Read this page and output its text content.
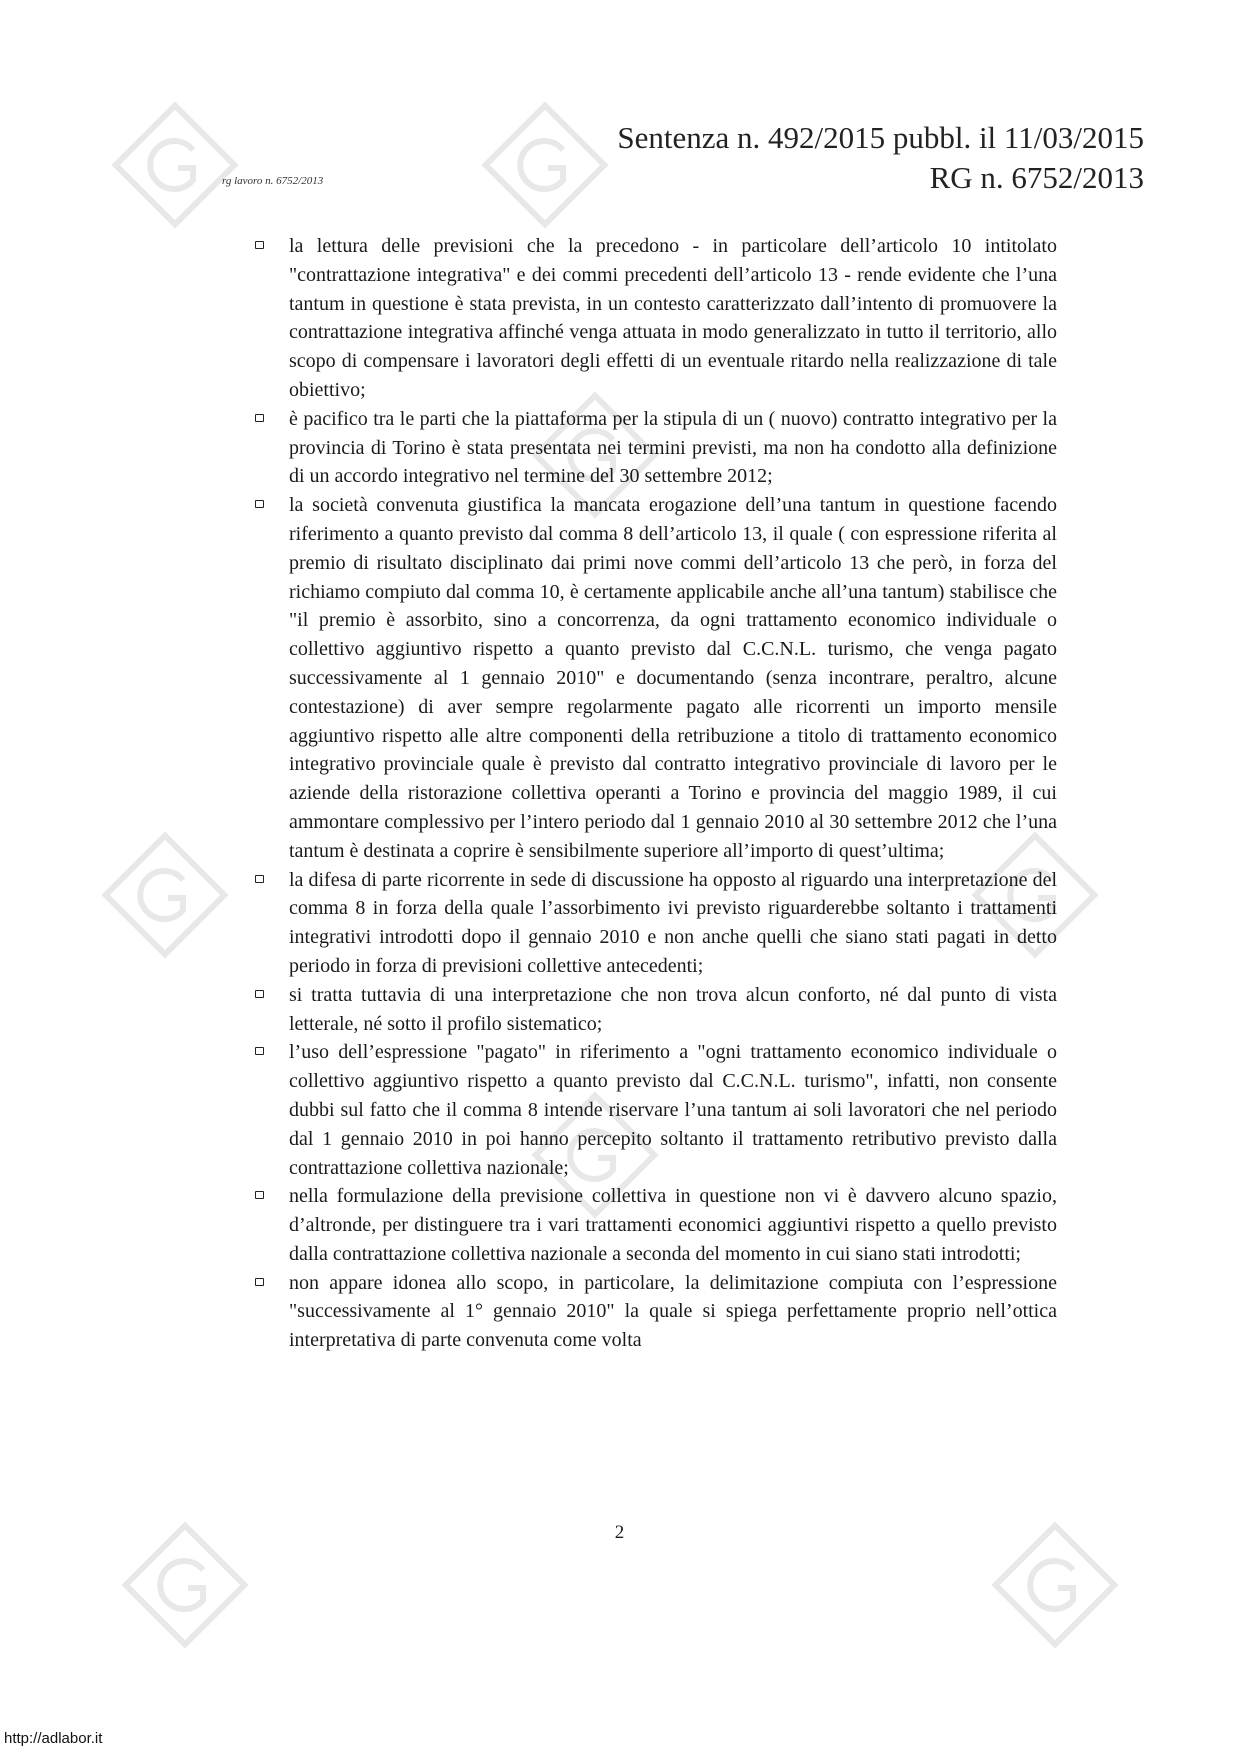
Sentenza n. 492/2015 pubbl. il 11/03/2015
RG n. 6752/2013
rg lavoro n. 6752/2013
la lettura delle previsioni che la precedono - in particolare dell’articolo 10 intitolato "contrattazione integrativa" e dei commi precedenti dell’articolo 13 - rende evidente che l’una tantum in questione è stata prevista, in un contesto caratterizzato dall’intento di promuovere la contrattazione integrativa affinché venga attuata in modo generalizzato in tutto il territorio, allo scopo di compensare i lavoratori degli effetti di un eventuale ritardo nella realizzazione di tale obiettivo;
è pacifico tra le parti che la piattaforma per la stipula di un ( nuovo) contratto integrativo per la provincia di Torino è stata presentata nei termini previsti, ma non ha condotto alla definizione di un accordo integrativo nel termine del 30 settembre 2012;
la società convenuta giustifica la mancata erogazione dell’una tantum in questione facendo riferimento a quanto previsto dal comma 8 dell’articolo 13, il quale ( con espressione riferita al premio di risultato disciplinato dai primi nove commi dell’articolo 13 che però, in forza del richiamo compiuto dal comma 10, è certamente applicabile anche all’una tantum) stabilisce che "il premio è assorbito, sino a concorrenza, da ogni trattamento economico individuale o collettivo aggiuntivo rispetto a quanto previsto dal C.C.N.L. turismo, che venga pagato successivamente al 1 gennaio 2010" e documentando (senza incontrare, peraltro, alcune contestazione) di aver sempre regolarmente pagato alle ricorrenti un importo mensile aggiuntivo rispetto alle altre componenti della retribuzione a titolo di trattamento economico integrativo provinciale quale è previsto dal contratto integrativo provinciale di lavoro per le aziende della ristorazione collettiva operanti a Torino e provincia del maggio 1989, il cui ammontare complessivo per l’intero periodo dal 1 gennaio 2010 al 30 settembre 2012 che l’una tantum è destinata a coprire è sensibilmente superiore all’importo di quest’ultima;
la difesa di parte ricorrente in sede di discussione ha opposto al riguardo una interpretazione del comma 8 in forza della quale l’assorbimento ivi previsto riguarderebbe soltanto i trattamenti integrativi introdotti dopo il gennaio 2010 e non anche quelli che siano stati pagati in detto periodo in forza di previsioni collettive antecedenti;
si tratta tuttavia di una interpretazione che non trova alcun conforto, né dal punto di vista letterale, né sotto il profilo sistematico;
l’uso dell’espressione "pagato" in riferimento a "ogni trattamento economico individuale o collettivo aggiuntivo rispetto a quanto previsto dal C.C.N.L. turismo", infatti, non consente dubbi sul fatto che il comma 8 intende riservare l’una tantum ai soli lavoratori che nel periodo dal 1 gennaio 2010 in poi hanno percepito soltanto il trattamento retributivo previsto dalla contrattazione collettiva nazionale;
nella formulazione della previsione collettiva in questione non vi è davvero alcuno spazio, d’altronde, per distinguere tra i vari trattamenti economici aggiuntivi rispetto a quello previsto dalla contrattazione collettiva nazionale a seconda del momento in cui siano stati introdotti;
non appare idonea allo scopo, in particolare, la delimitazione compiuta con l’espressione "successivamente al 1° gennaio 2010" la quale si spiega perfettamente proprio nell’ottica interpretativa di parte convenuta come volta
2
http://adlabor.it
